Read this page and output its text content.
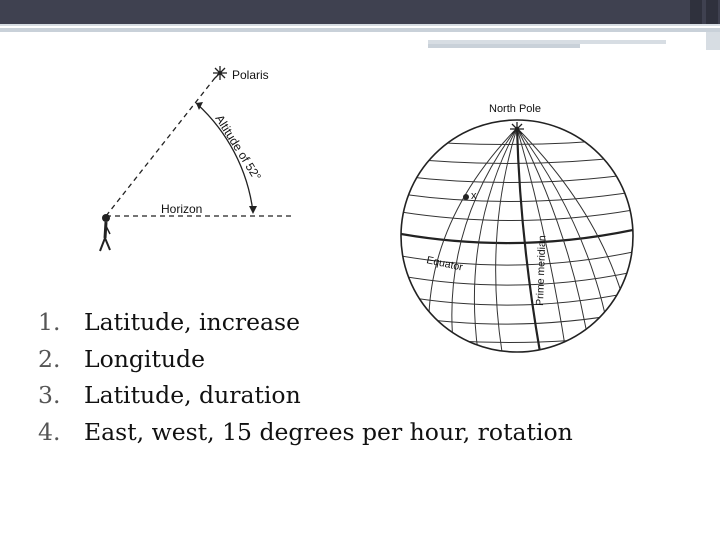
Polaris
Altitude of 52°
Horizon
North Pole
x
Equator	Prime meridian
1. Latitude, increase
2. Longitude
3. Latitude, duration
4. East, west, 15 degrees per hour, rotation
